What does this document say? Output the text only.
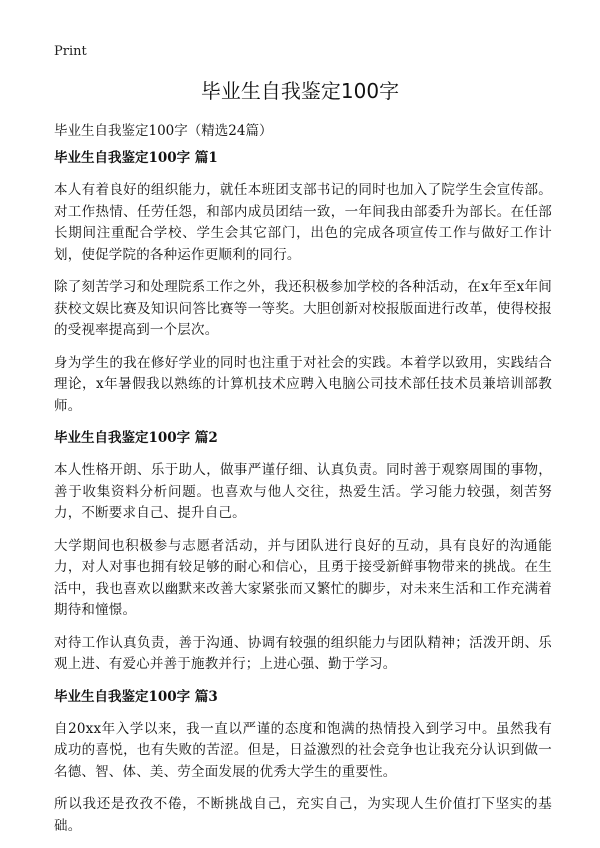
Print
毕业生自我鉴定100字

毕业生自我鉴定100字（精选24篇）

毕业生自我鉴定100字 篇1

本人有着良好的组织能力，就任本班团支部书记的同时也加入了院学生会宣传部。对工作热情、任劳任怨，和部内成员团结一致，一年间我由部委升为部长。在任部长期间注重配合学校、学生会其它部门，出色的完成各项宣传工作与做好工作计划，使促学院的各种运作更顺利的同行。

除了刻苦学习和处理院系工作之外，我还积极参加学校的各种活动，在x年至x年间获校文娱比赛及知识问答比赛等一等奖。大胆创新对校报版面进行改革，使得校报的受视率提高到一个层次。

身为学生的我在修好学业的同时也注重于对社会的实践。本着学以致用，实践结合理论，x年暑假我以熟练的计算机技术应聘入电脑公司技术部任技术员兼培训部教师。

毕业生自我鉴定100字 篇2

本人性格开朗、乐于助人，做事严谨仔细、认真负责。同时善于观察周围的事物，善于收集资料分析问题。也喜欢与他人交往，热爱生活。学习能力较强，刻苦努力，不断要求自己、提升自己。

大学期间也积极参与志愿者活动，并与团队进行良好的互动，具有良好的沟通能力，对人对事也拥有较足够的耐心和信心，且勇于接受新鲜事物带来的挑战。在生活中，我也喜欢以幽默来改善大家紧张而又繁忙的脚步，对未来生活和工作充满着期待和憧憬。

对待工作认真负责，善于沟通、协调有较强的组织能力与团队精神；活泼开朗、乐观上进、有爱心并善于施教并行；上进心强、勤于学习。

毕业生自我鉴定100字 篇3

自20xx年入学以来，我一直以严谨的态度和饱满的热情投入到学习中。虽然我有成功的喜悦，也有失败的苦涩。但是，日益激烈的社会竞争也让我充分认识到做一名德、智、体、美、劳全面发展的优秀大学生的重要性。

所以我还是孜孜不倦，不断挑战自己，充实自己，为实现人生价值打下坚实的基础。
